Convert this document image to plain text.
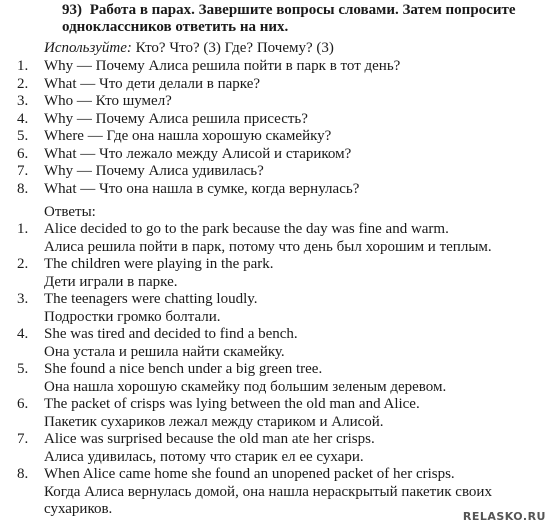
93) Работа в парах. Завершите вопросы словами. Затем попросите одноклассников ответить на них.
Используйте: Кто? Что? (3) Где? Почему? (3)
1.	Why — Почему Алиса решила пойти в парк в тот день?
2.	What — Что дети делали в парке?
3.	Who — Кто шумел?
4.	Why — Почему Алиса решила присесть?
5.	Where — Где она нашла хорошую скамейку?
6.	What — Что лежало между Алисой и стариком?
7.	Why — Почему Алиса удивилась?
8.	What — Что она нашла в сумке, когда вернулась?
Ответы:
1.	Alice decided to go to the park because the day was fine and warm.
Алиса решила пойти в парк, потому что день был хорошим и теплым.
2.	The children were playing in the park.
Дети играли в парке.
3.	The teenagers were chatting loudly.
Подростки громко болтали.
4.	She was tired and decided to find a bench.
Она устала и решила найти скамейку.
5.	She found a nice bench under a big green tree.
Она нашла хорошую скамейку под большим зеленым деревом.
6.	The packet of crisps was lying between the old man and Alice.
Пакетик сухариков лежал между стариком и Алисой.
7.	Alice was surprised because the old man ate her crisps.
Алиса удивилась, потому что старик ел ее сухари.
8.	When Alice came home she found an unopened packet of her crisps.
Когда Алиса вернулась домой, она нашла нераскрытый пакетик своих
сухариков.	RELASKO.RU
